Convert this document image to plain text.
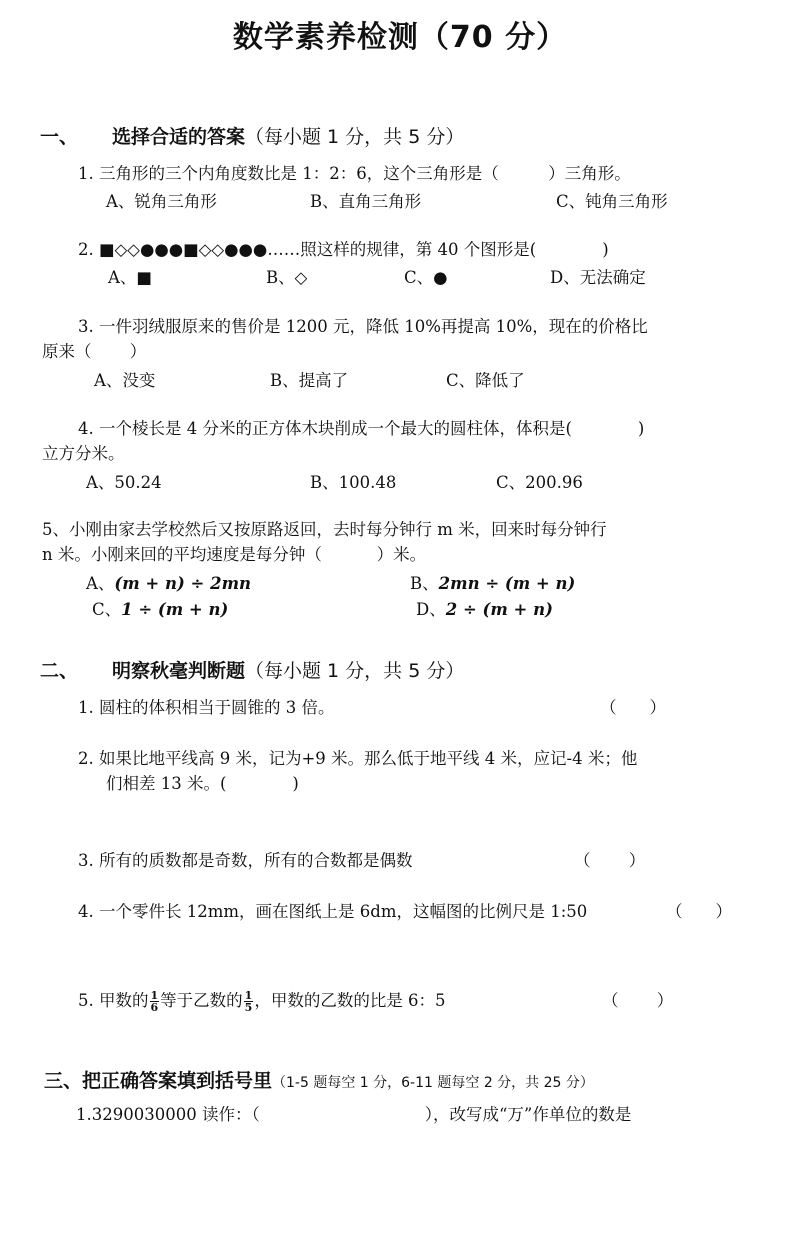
数学素养检测（70 分）
一、 选择合适的答案（每小题 1 分，共 5 分）
1. 三角形的三个内角度数比是 1：2：6，这个三角形是（　　　）三角形。
A、锐角三角形	B、直角三角形	C、钝角三角形
2. ■◇◇●●●■◇◇●●●……照这样的规律，第 40 个图形是(　　　　)
A、■	B、◇	C、●	D、无法确定
3. 一件羽绒服原来的售价是 1200 元，降低 10%再提高 10%，现在的价格比
原来（　　 ）
A、没变	B、提高了	C、降低了
4. 一个棱长是 4 分米的正方体木块削成一个最大的圆柱体，体积是(　　　　)
立方分米。
A、50.24	B、100.48	C、200.96
5、小刚由家去学校然后又按原路返回，去时每分钟行 m 米，回来时每分钟行
n 米。小刚来回的平均速度是每分钟（　　　 ）米。
A、(m + n) ÷ 2mn	B、2mn ÷ (m + n)
C、1 ÷ (m + n)	D、2 ÷ (m + n)
二、 明察秋毫判断题（每小题 1 分，共 5 分）
1. 圆柱的体积相当于圆锥的 3 倍。	（　　）
2. 如果比地平线高 9 米，记为+9 米。那么低于地平线 4 米，应记-4 米；他
们相差 13 米。(　　　　)
3. 所有的质数都是奇数，所有的合数都是偶数	（　　 ）
4. 一个零件长 12mm，画在图纸上是 6dm，这幅图的比例尺是 1:50	（　　）
5. 甲数的 $\frac{1}{6}$ 等于乙数的 $\frac{1}{5}$ ，甲数的乙数的比是 6：5	（　　 ）
三、把正确答案填到括号里（1-5 题每空 1 分，6-11 题每空 2 分，共 25 分）
1.3290030000 读作：（　　　　　　　　　　	），改写成“万”作单位的数是
